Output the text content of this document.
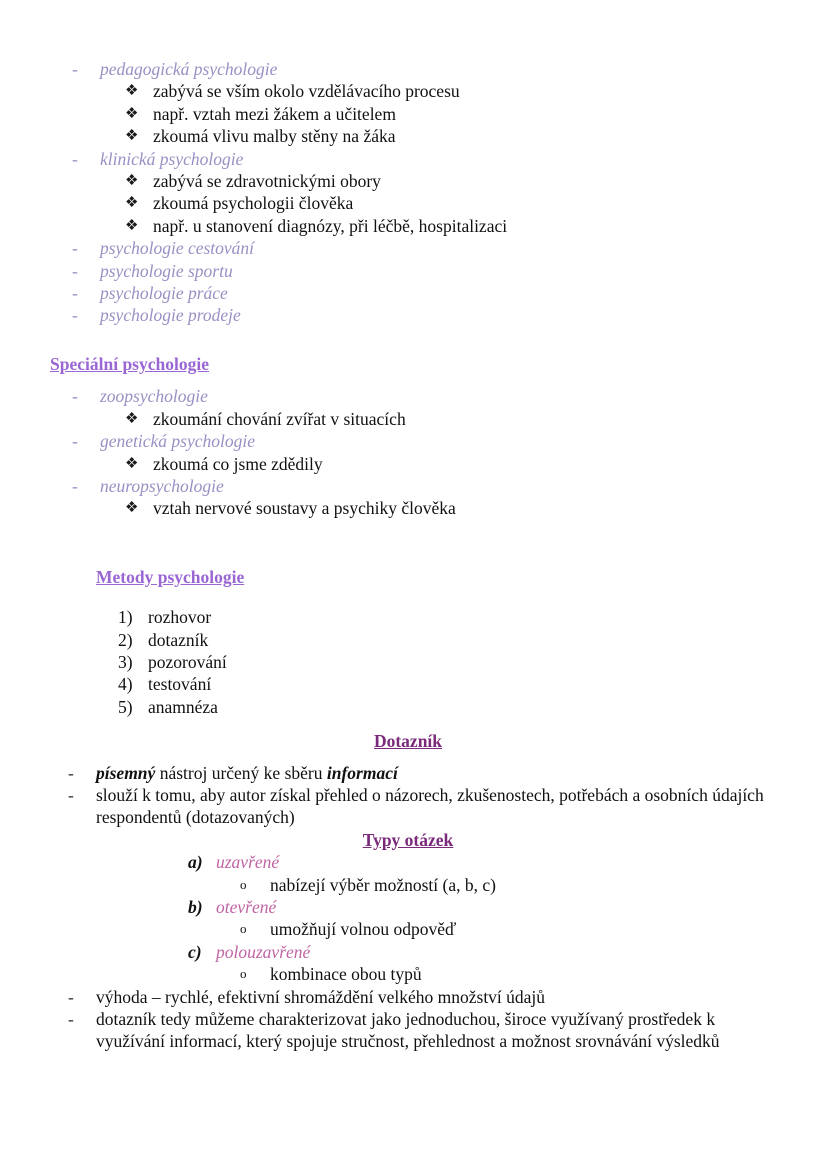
-	pedagogická psychologie
❖ zabývá se vším okolo vzdělávacího procesu
❖ např. vztah mezi žákem a učitelem
❖ zkoumá vlivu malby stěny na žáka
-	klinická psychologie
❖ zabývá se zdravotnickými obory
❖ zkoumá psychologii člověka
❖ např. u stanovení diagnózy, při léčbě, hospitalizaci
-	psychologie cestování
-	psychologie sportu
-	psychologie práce
-	psychologie prodeje
Speciální psychologie
-	zoopsychologie
❖ zkoumání chování zvířat v situacích
-	genetická psychologie
❖ zkoumá co jsme zdědily
-	neuropsychologie
❖ vztah nervové soustavy a psychiky člověka
Metody psychologie
1) rozhovor
2) dotazník
3) pozorování
4) testování
5) anamnéza
Dotazník
-	písemný nástroj určený ke sběru informací
-	slouží k tomu, aby autor získal přehled o názorech, zkušenostech, potřebách a osobních údajích respondentů (dotazovaných)
Typy otázek
a) uzavřené
o	nabízejí výběr možností (a, b, c)
b) otevřené
o	umožňují volnou odpověď
c) polouzavřené
o	kombinace obou typů
-	výhoda – rychlé, efektivní shromáždění velkého množství údajů
-	dotazník tedy můžeme charakterizovat jako jednoduchou, široce využívaný prostředek k využívání informací, který spojuje stručnost, přehlednost a možnost srovnávání výsledků
